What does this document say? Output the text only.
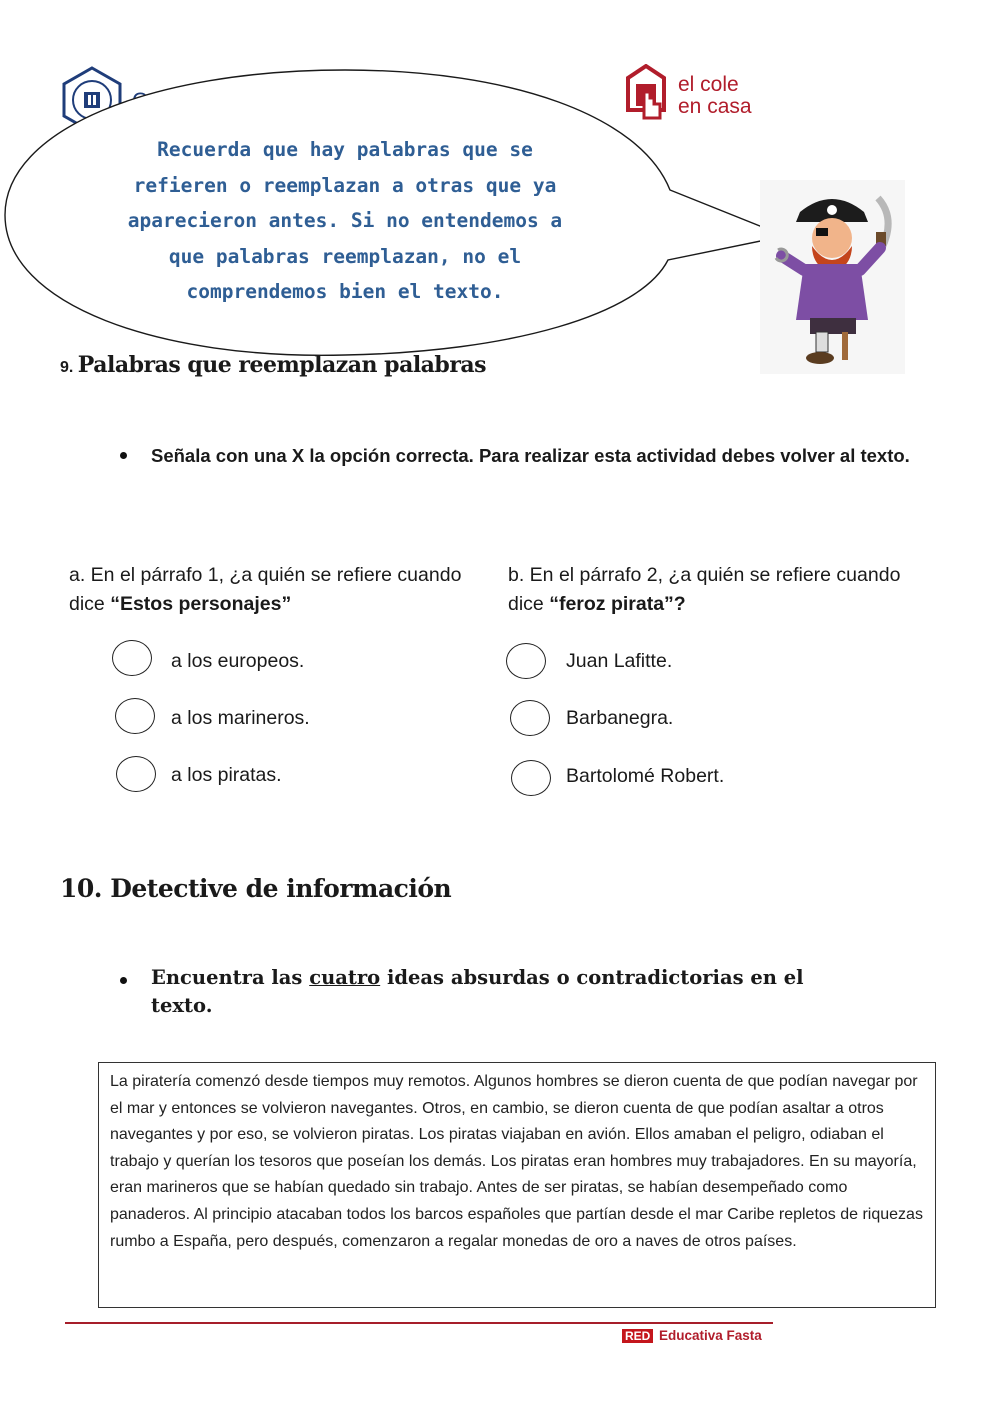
el cole
en casa
Recuerda que hay palabras que se refieren o reemplazan a otras que ya aparecieron antes. Si no entendemos a que palabras reemplazan, no el comprendemos bien el texto.
9. Palabras que reemplazan palabras
Señala con una X la opción correcta. Para realizar esta actividad debes volver al texto.
a. En el párrafo 1, ¿a quién se refiere cuando dice “Estos personajes”
b. En el párrafo 2, ¿a quién se refiere cuando dice “feroz pirata”?
a los europeos.
a los marineros.
a los piratas.
Juan Lafitte.
Barbanegra.
Bartolomé Robert.
10. Detective de información
Encuentra las cuatro ideas absurdas o contradictorias en el texto.
La piratería comenzó desde tiempos muy remotos. Algunos hombres se dieron cuenta de que podían navegar por el mar y entonces se volvieron navegantes. Otros, en cambio, se dieron cuenta de que podían asaltar a otros navegantes y por eso, se volvieron piratas. Los piratas viajaban en avión. Ellos amaban el peligro, odiaban el trabajo y querían los tesoros que poseían los demás. Los piratas eran hombres muy trabajadores. En su mayoría, eran marineros que se habían quedado sin trabajo. Antes de ser piratas, se habían desempeñado como panaderos. Al principio atacaban todos los barcos españoles que partían desde el mar Caribe repletos de riquezas rumbo a España, pero después, comenzaron a regalar monedas de oro a naves de otros países.
RED Educativa Fasta
